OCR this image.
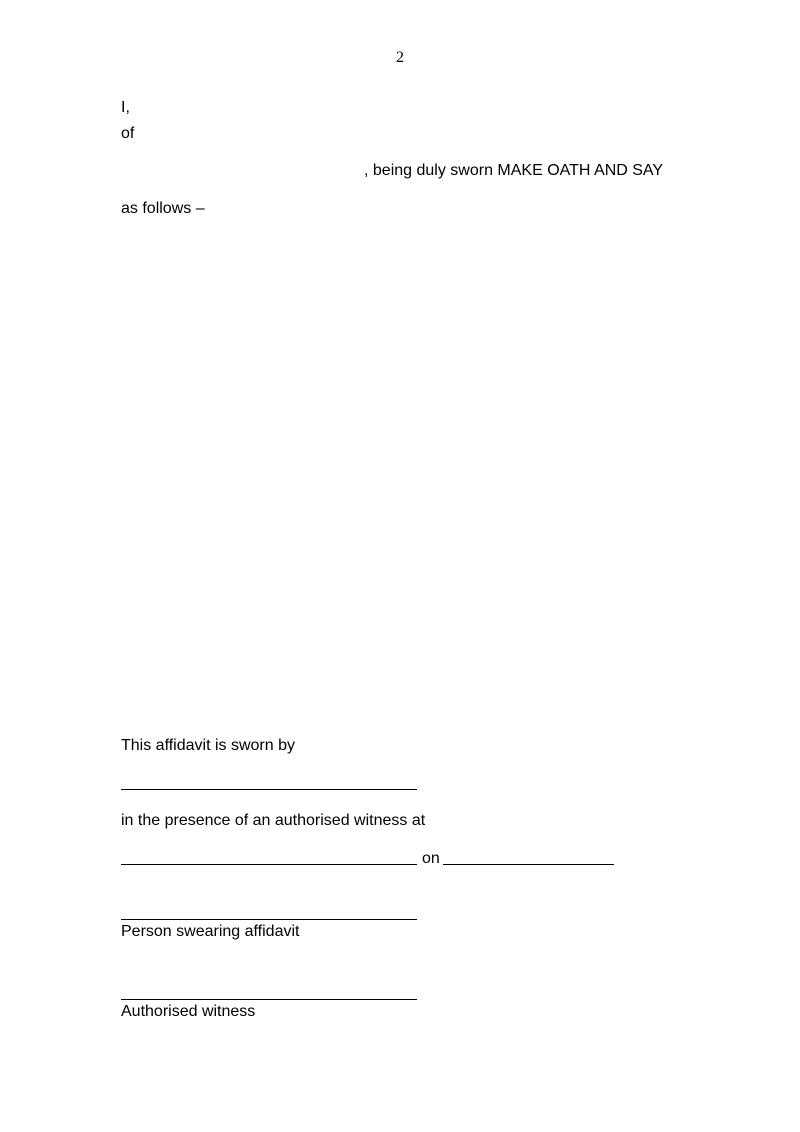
2
I,
of
, being duly sworn MAKE OATH AND SAY
as follows –
This affidavit is sworn by
in the presence of an authorised witness at
on
Person swearing affidavit
Authorised witness
